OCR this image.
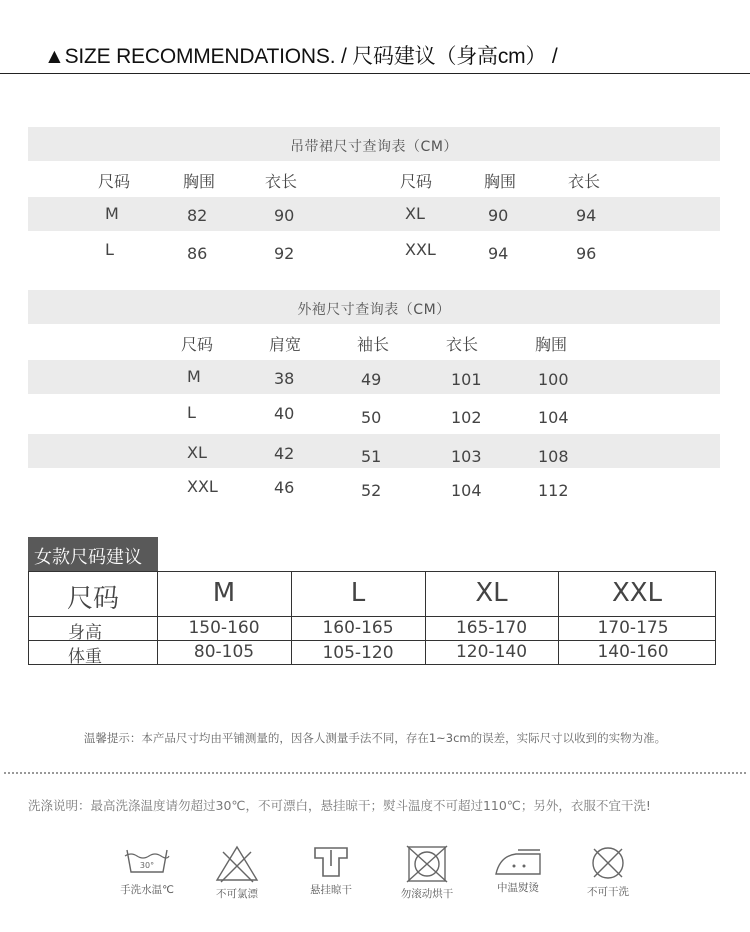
▲SIZE RECOMMENDATIONS. / 尺码建议（身高cm） /
吊带裙尺寸查询表（CM）
尺码	胸围	衣长	尺码	胸围	衣长
M	82	90	XL	90	94
L	86	92	XXL	94	96
外袍尺寸查询表（CM）
尺码	肩宽	袖长	衣长	胸围
M	38	49	101	100
L	40	50	102	104
XL	42	51	103	108
XXL	46	52	104	112
女款尺码建议
尺码	M	L	XL	XXL
身高	150-160	160-165	165-170	170-175
体重	80-105	105-120	120-140	140-160
温馨提示：本产品尺寸均由平铺测量的，因各人测量手法不同，存在1~3cm的误差，实际尺寸以收到的实物为准。
洗涤说明：最高洗涤温度请勿超过30℃，不可漂白，悬挂晾干；熨斗温度不可超过110℃；另外，衣服不宜干洗!
30°
手洗水温℃	不可氯漂	悬挂晾干	勿滚动烘干	中温熨烫	不可干洗
